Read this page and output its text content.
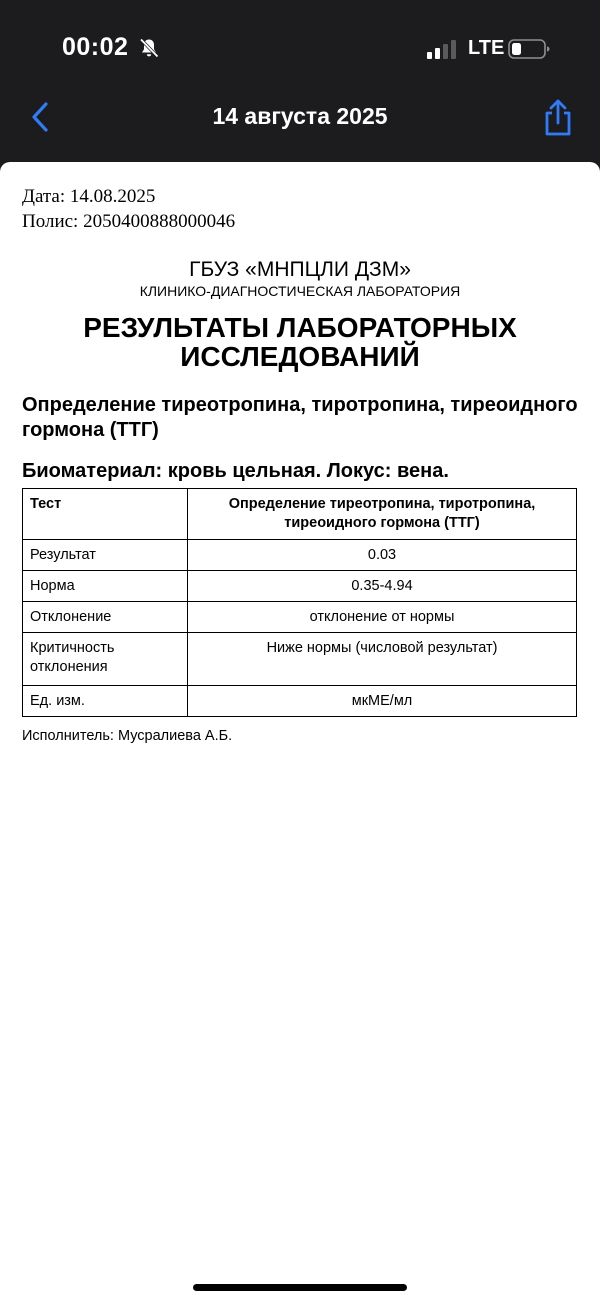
00:02	LTE
14 августа 2025
Дата: 14.08.2025
Полис: 2050400888000046
ГБУЗ «МНПЦЛИ ДЗМ»
КЛИНИКО-ДИАГНОСТИЧЕСКАЯ ЛАБОРАТОРИЯ
РЕЗУЛЬТАТЫ ЛАБОРАТОРНЫХ ИССЛЕДОВАНИЙ
Определение тиреотропина, тиротропина, тиреоидного гормона (ТТГ)
Биоматериал: кровь цельная. Локус: вена.
Тест	Определение тиреотропина, тиротропина, тиреоидного гормона (ТТГ)
Результат	0.03
Норма	0.35-4.94
Отклонение	отклонение от нормы
Критичность отклонения	Ниже нормы (числовой результат)
Ед. изм.	мкМЕ/мл
Исполнитель: Мусралиева А.Б.
